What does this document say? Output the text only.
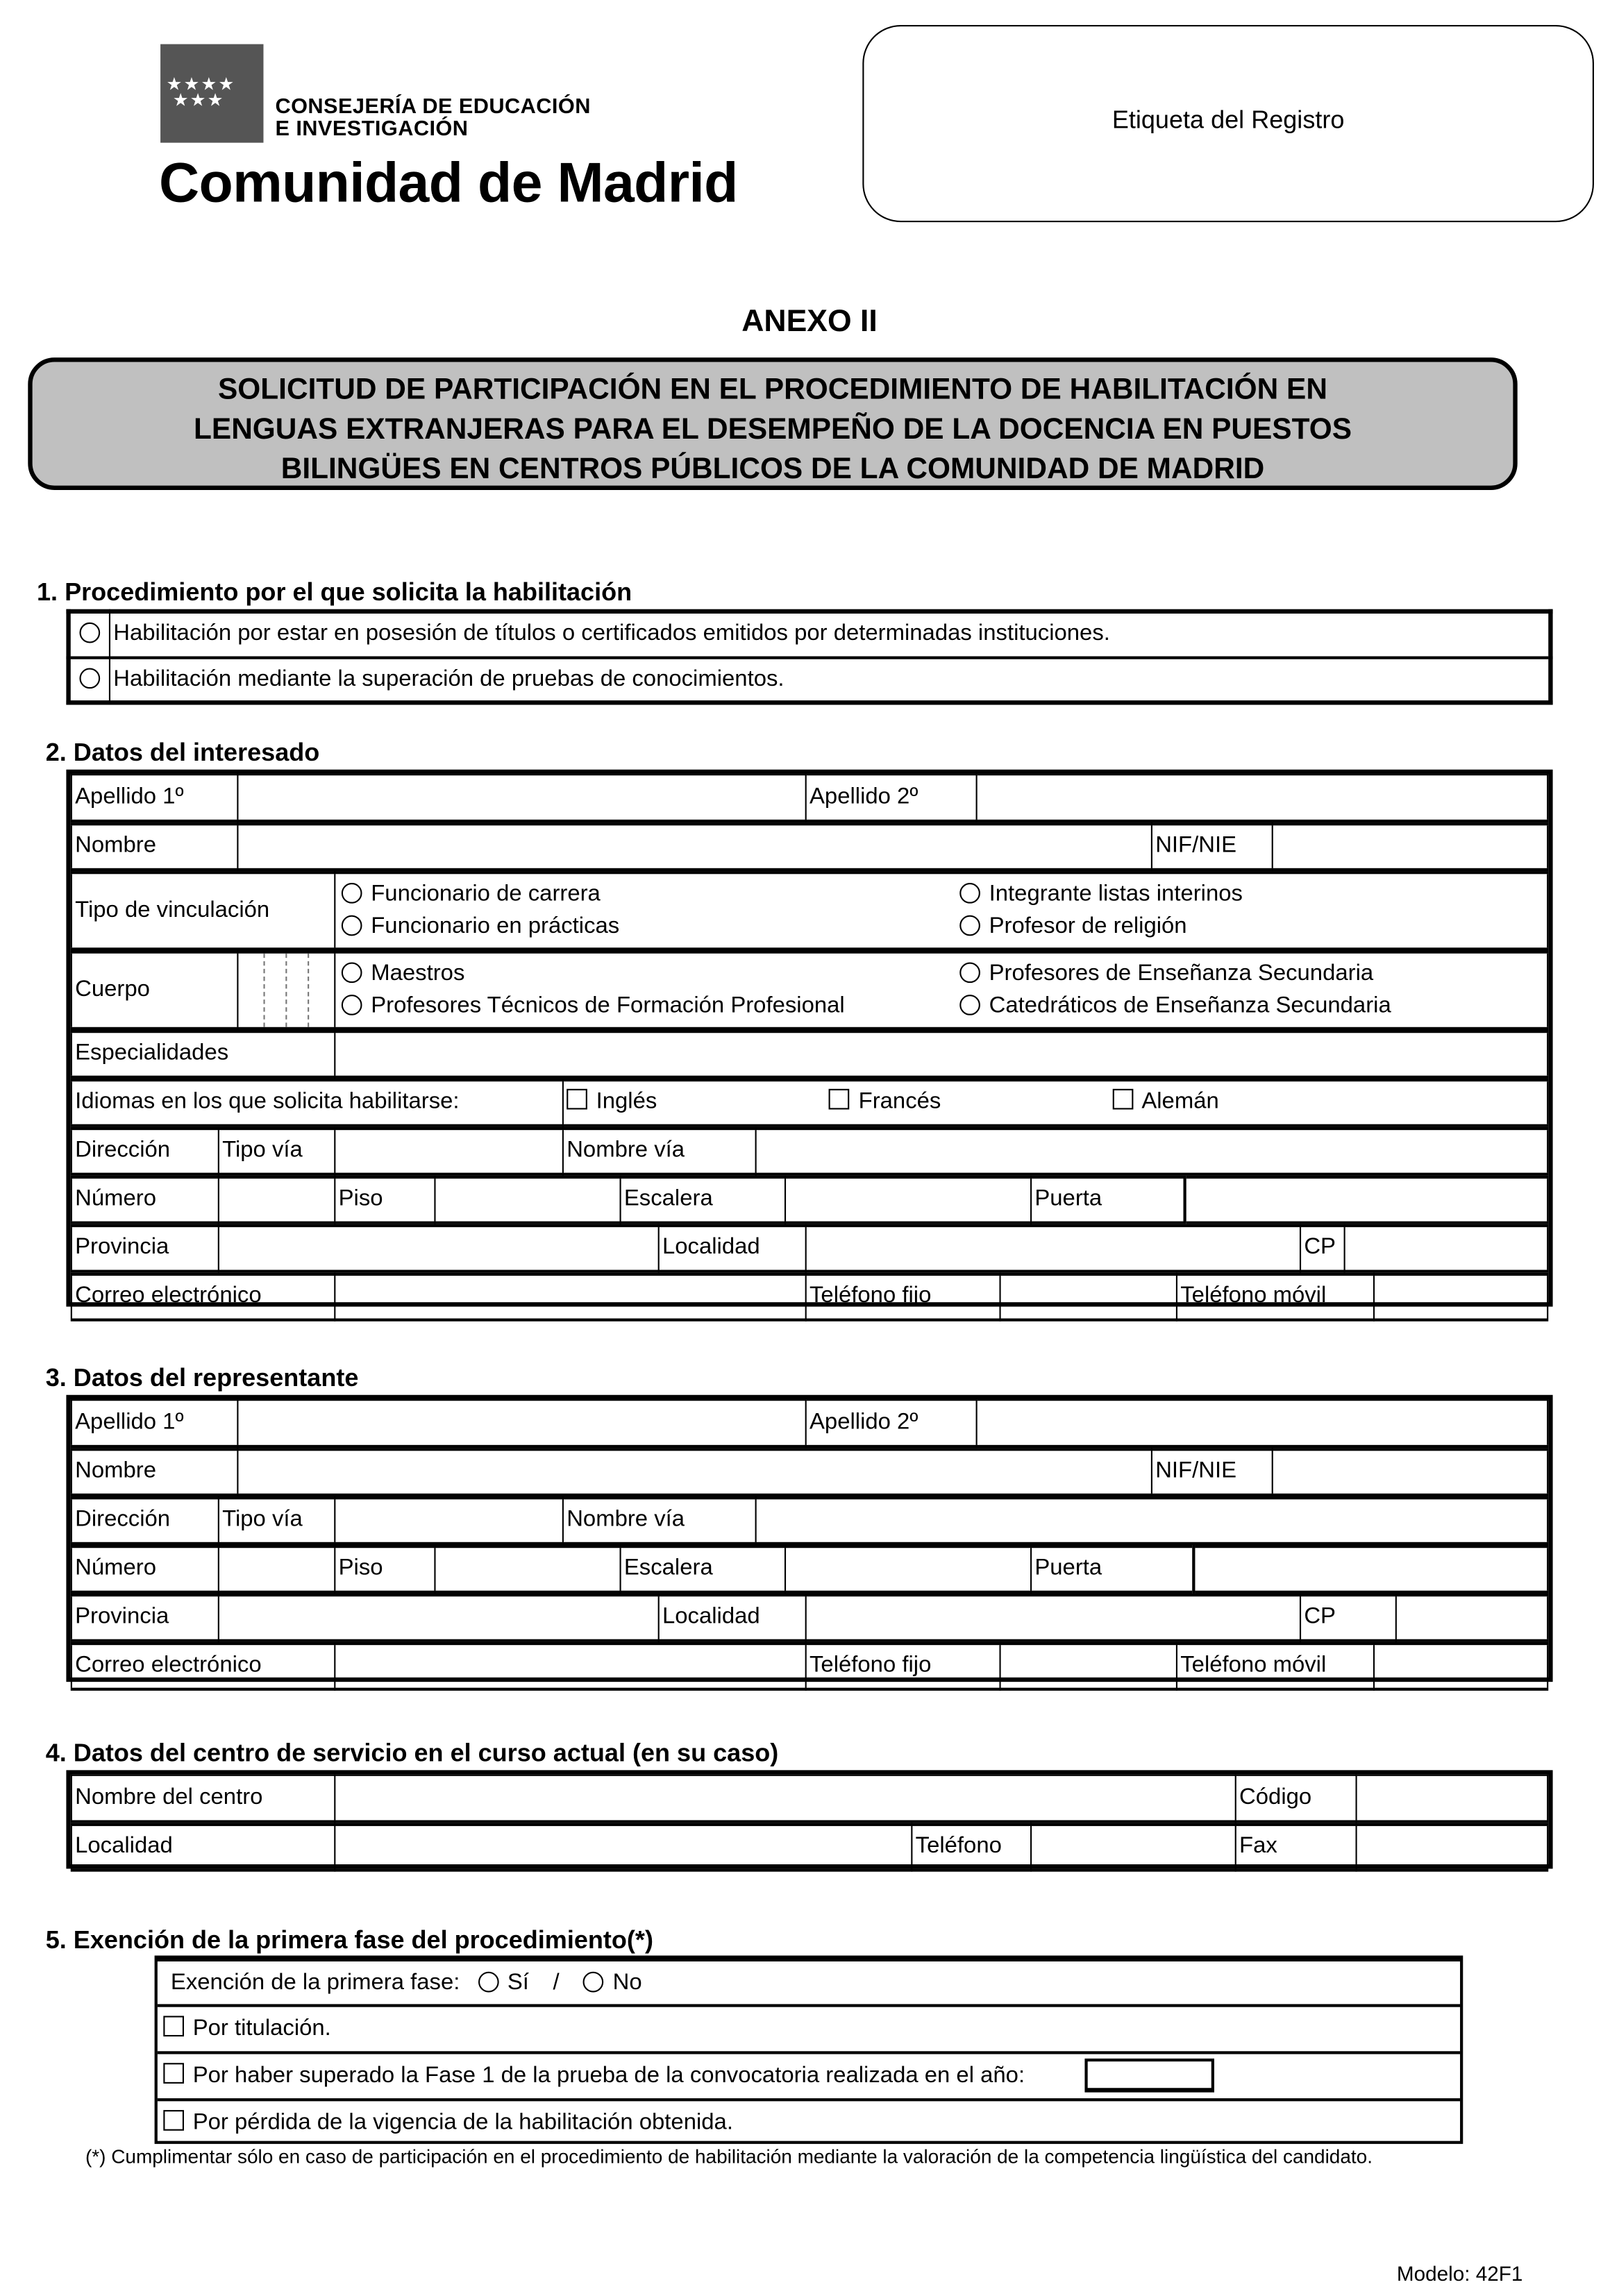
★★★★
★★★	CONSEJERÍA DE EDUCACIÓN
E INVESTIGACIÓN
Comunidad de Madrid
Etiqueta del Registro
ANEXO II
SOLICITUD DE PARTICIPACIÓN EN EL PROCEDIMIENTO DE HABILITACIÓN EN
LENGUAS EXTRANJERAS PARA EL DESEMPEÑO DE LA DOCENCIA EN PUESTOS
BILINGÜES EN CENTROS PÚBLICOS DE LA COMUNIDAD DE MADRID
1. Procedimiento por el que solicita la habilitación
	Habilitación por estar en posesión de títulos o certificados emitidos por determinadas instituciones.
	Habilitación mediante la superación de pruebas de conocimientos.
2. Datos del interesado
Apellido 1º		Apellido 2º	
Nombre		NIF/NIE	
Tipo de vinculación	
Funcionario de carrera	Integrante listas interinos
Funcionario en prácticas	Profesor de religión
Cuerpo	

Maestros	Profesores de Enseñanza Secundaria
Profesores Técnicos de Formación Profesional	Catedráticos de Enseñanza Secundaria
Especialidades	
Idiomas en los que solicita habilitarse:	Inglés	Francés	Alemán
Dirección	Tipo vía		Nombre vía	
Número		Piso		Escalera		Puerta	
Provincia		Localidad		CP	
Correo electrónico		Teléfono fijo		Teléfono móvil	
3. Datos del representante
Apellido 1º		Apellido 2º	
Nombre		NIF/NIE	
Dirección	Tipo vía		Nombre vía	
Número		Piso		Escalera		Puerta	
Provincia		Localidad		CP	
Correo electrónico		Teléfono fijo		Teléfono móvil	
4. Datos del centro de servicio en el curso actual (en su caso)
Nombre del centro		Código	
Localidad		Teléfono		Fax	
5. Exención de la primera fase del procedimiento(*)
Exención de la primera fase:	Sí /	No
Por titulación.
Por haber superado la Fase 1 de la prueba de la convocatoria realizada en el año:
Por pérdida de la vigencia de la habilitación obtenida.
(*) Cumplimentar sólo en caso de participación en el procedimiento de habilitación mediante la valoración de la competencia lingüística del candidato.
Modelo: 42F1
